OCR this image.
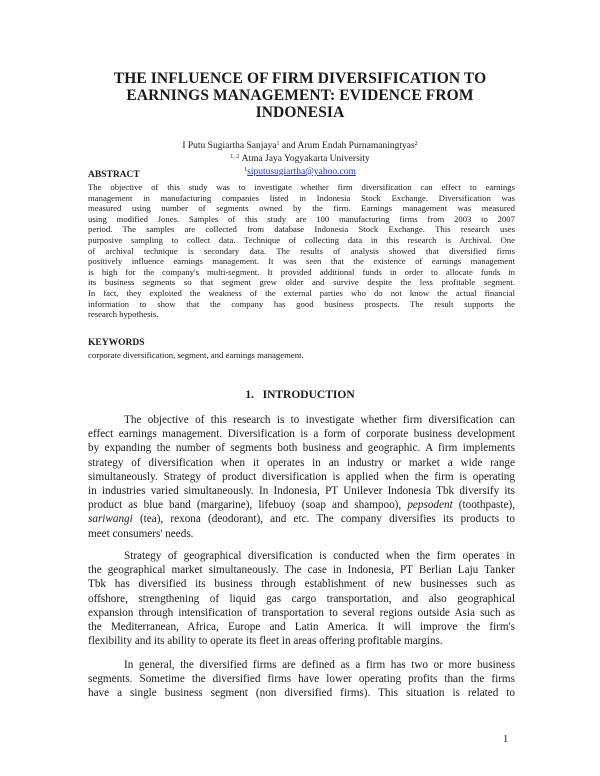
THE INFLUENCE OF FIRM DIVERSIFICATION TO
EARNINGS MANAGEMENT: EVIDENCE FROM
INDONESIA
I Putu Sugiartha Sanjaya$^1$ and Arum Endah Purnamaningtyas$^2$
$^{1, 2}$ Atma Jaya Yogyakarta University
$^1$siputusugiartha@yahoo.com
ABSTRACT
The objective of this study was to investigate whether firm diversification can effect to earnings
management in manufacturing companies listed in Indonesia Stock Exchange. Diversification was
measured using number of segments owned by the firm. Earnings management was measured
using modified Jones. Samples of this study are 100 manufacturing firms from 2003 to 2007
period. The samples are collected from database Indonesia Stock Exchange. This research uses
purposive sampling to collect data. Technique of collecting data in this research is Archival. One
of archival technique is secondary data. The results of analysis showed that diversified firms
positively influence earnings management. It was seen that the existence of earnings management
is high for the company's multi-segment. It provided additional funds in order to allocate funds in
its business segments so that segment grew older and survive despite the less profitable segment.
In fact, they exploited the weakness of the external parties who do not know the actual financial
information to show that the company has good business prospects. The result supports the
research hypothesis.
KEYWORDS
corporate diversification, segment, and earnings management.
1.   INTRODUCTION
The objective of this research is to investigate whether firm diversification can
effect earnings management. Diversification is a form of corporate business development
by expanding the number of segments both business and geographic. A firm implements
strategy of diversification when it operates in an industry or market a wide range
simultaneously. Strategy of product diversification is applied when the firm is operating
in industries varied simultaneously. In Indonesia, PT Unilever Indonesia Tbk diversify its
product as blue band (margarine), lifebuoy (soap and shampoo), pepsodent (toothpaste),
sariwangi (tea), rexona (deodorant), and etc. The company diversifies its products to
meet consumers' needs.
Strategy of geographical diversification is conducted when the firm operates in
the geographical market simultaneously. The case in Indonesia, PT Berlian Laju Tanker
Tbk has diversified its business through establishment of new businesses such as
offshore, strengthening of liquid gas cargo transportation, and also geographical
expansion through intensification of transportation to several regions outside Asia such as
the Mediterranean, Africa, Europe and Latin America. It will improve the firm's
flexibility and its ability to operate its fleet in areas offering profitable margins.
In general, the diversified firms are defined as a firm has two or more business
segments. Sometime the diversified firms have lower operating profits than the firms
have a single business segment (non diversified firms). This situation is related to
1
